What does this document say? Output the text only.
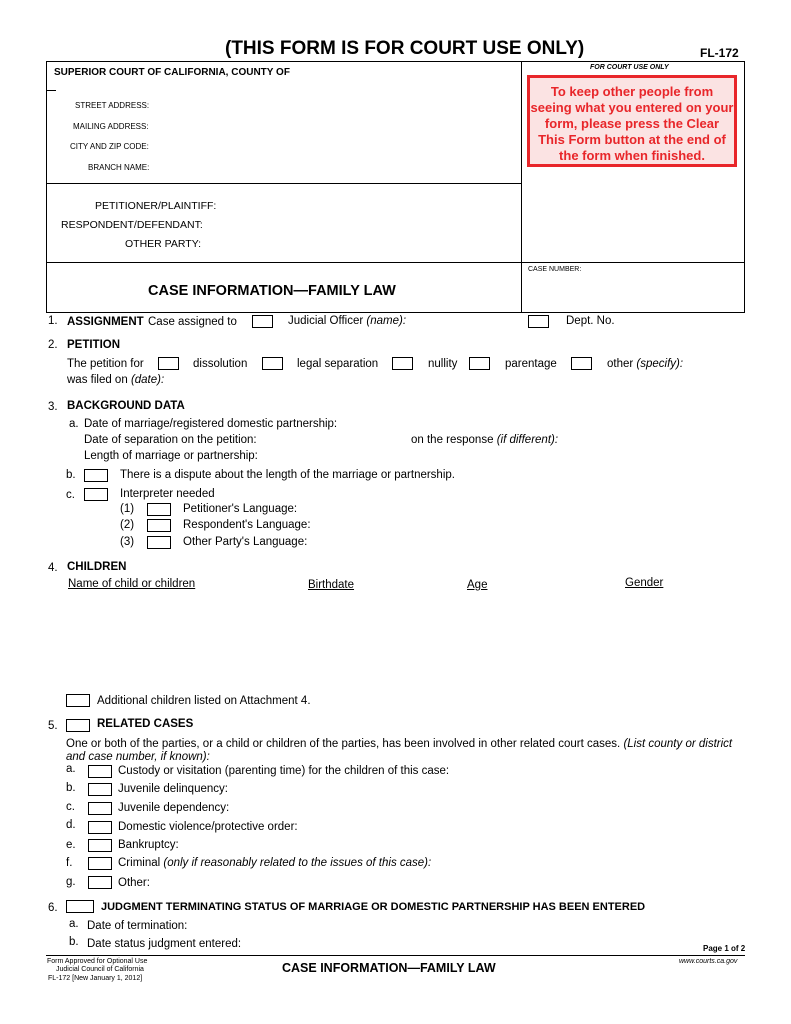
(THIS FORM IS FOR COURT USE ONLY)	FL-172
FOR COURT USE ONLY
SUPERIOR COURT OF CALIFORNIA, COUNTY OF
STREET ADDRESS:
MAILING ADDRESS:
CITY AND ZIP CODE:
BRANCH NAME:
To keep other people from seeing what you entered on your form, please press the Clear This Form button at the end of the form when finished.
PETITIONER/PLAINTIFF:
RESPONDENT/DEFENDANT:
OTHER PARTY:
CASE NUMBER:
CASE INFORMATION—FAMILY LAW
1. ASSIGNMENT Case assigned to	Judicial Officer (name):	Dept. No.
2. PETITION
The petition for	dissolution	legal separation	nullity	parentage	other (specify):
was filed on (date):
3. BACKGROUND DATA
a. Date of marriage/registered domestic partnership:
Date of separation on the petition:	on the response (if different):
Length of marriage or partnership:
b.	There is a dispute about the length of the marriage or partnership.
c.	Interpreter needed
(1)	Petitioner's Language:
(2)	Respondent's Language:
(3)	Other Party's Language:
4. CHILDREN
Name of child or children	Birthdate	Age	Gender
Additional children listed on Attachment 4.
5.	RELATED CASES
One or both of the parties, or a child or children of the parties, has been involved in other related court cases. (List county or district
and case number, if known):
a.	Custody or visitation (parenting time) for the children of this case:
b.	Juvenile delinquency:
c.	Juvenile dependency:
d.	Domestic violence/protective order:
e.	Bankruptcy:
f.	Criminal (only if reasonably related to the issues of this case):
g.	Other:
6.	JUDGMENT TERMINATING STATUS OF MARRIAGE OR DOMESTIC PARTNERSHIP HAS BEEN ENTERED
a. Date of termination:
b. Date status judgment entered:	Page 1 of 2
Form Approved for Optional Use
Judicial Council of California
FL-172 [New January 1, 2012]
CASE INFORMATION—FAMILY LAW	www.courts.ca.gov
